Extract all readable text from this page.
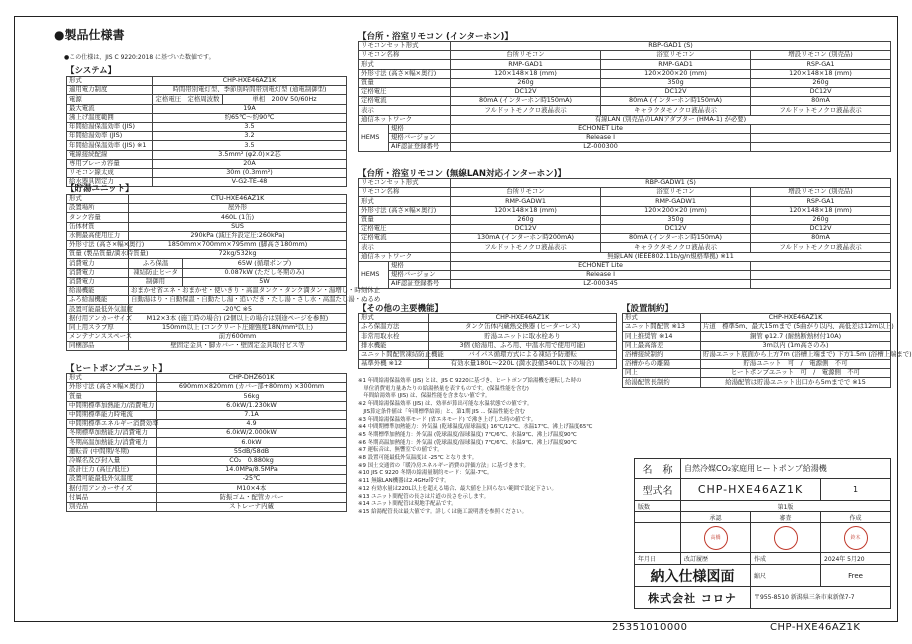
●製品仕様書
●この仕様は、JIS C 9220:2018 に基づいた数値です。
【システム】
形式	CHP-HXE46AZ1K	
適用電力制度	時間帯別電灯型、季節別時間帯別電灯型 (通電制御型)	
電源	定格電圧　定格周波数	単相　200V 50/60Hz
最大電流	19A	
沸上げ温度範囲	約65℃～約90℃	
年間給湯保温効率 (JIS)	3.5	
年間給湯効率 (JIS)	3.2	
年間給湯保温効率 (JIS) ※1	3.5	
電線接続配線	3.5mm² (φ2.0)×2芯	
専用ブレーカ容量	20A	
リモコン線太成	30m (0.3mm²)	
給水器具固定力	V-G2-TE-48	
【貯湯ユニット】
形式	CTU-HXE46AZ1K	
設置場所	屋外形	
タンク容量	460L (1缶)	
缶体材質	SUS	
水側最高使用圧力	290kPa (減圧弁設定圧:260kPa)	
外形寸法 (高さ×幅×奥行)	1850mm×700mm×795mm (脚高さ180mm)	
質量 (製品質量/満水時質量)	72kg/532kg	
消費電力	ふろ保温	65W (循環ポンプ)
消費電力	凍結防止ヒータ	0.087kW (ただし冬期のみ)
消費電力	制御用	5W
給湯機能	おまかせ省エネ・おまかせ・使いきり・高温タンク・タンク満タン・湯増し・時刻休止	
ふろ給湯機能	自動湯はり・自動保温・自動たし湯・追いだき・たし湯・さし水・高温たし湯・ぬるめ	
設置可能最低外気温度	-20℃ ※5	
据付用アンカーサイズ	M12×3本 (施工時の場合) (2個以上の場合は別途ページを参照)	
同上用スラブ厚	150mm以上 (コンクリート圧縮強度18N/mm²以上)	
メンテナンススペース	前方600mm	
同梱部品	壁固定金具・脚カバー・壁固定金具取付ビス等	
【ヒートポンプユニット】
形式	CHP-DHZ601K
外形寸法 (高さ×幅×奥行)	690mm×820mm (カバー部+80mm) ×300mm
質量	56kg
中間期標準加熱能力/消費電力	6.0kW/1.230kW
中間期標準能力時電流	7.1A
中間期標準エネルギー消費効率	4.9
冬期標準加熱能力/消費電力	6.0kW/2.000kW
冬期高温加熱能力/消費電力	6.0kW
運転音 (中間期/冬期)	55dB/58dB
冷媒名及び封入量	CO₂　0.880kg
設計圧力 (高圧/低圧)	14.0MPa/8.5MPa
設置可能最低外気温度	-25℃
据付用アンカーサイズ	M10×4本
付属品	防振ゴム・配管カバー
別売品	ストレーナ内蔵
【台所・浴室リモコン (インターホン)】
リモコンセット形式		RBP-GAD1 (S)		
リモコン名称		台所リモコン	浴室リモコン	増設リモコン (別売品)
形式		RMP-GAD1	RMP-GAD1	RSP-GA1
外形寸法 (高さ×幅×奥行)		120×148×18 (mm)	120×200×20 (mm)	120×148×18 (mm)
質量		260g	350g	260g
定格電圧		DC12V	DC12V	DC12V
定格電流		80mA (インターホン時150mA)	80mA (インターホン時150mA)	80mA
表示		フルドットモノクロ液晶表示	キャラクタモノクロ液晶表示	フルドットモノクロ液晶表示
通信ネットワーク		有線LAN (別売品のLANアダプター (HMA-1) が必要)		
HEMS	規格	ECHONET Lite		
	規格バージョン	Release I		
	AIF認証登録番号	LZ-000300		
【台所・浴室リモコン (無線LAN対応インターホン)】
リモコンセット形式		RBP-GADW1 (S)		
リモコン名称		台所リモコン	浴室リモコン	増設リモコン (別売品)
形式		RMP-GADW1	RMP-GADW1	RSP-GA1
外形寸法 (高さ×幅×奥行)		120×148×18 (mm)	120×200×20 (mm)	120×148×18 (mm)
質量		260g	350g	260g
定格電圧		DC12V	DC12V	DC12V
定格電流		130mA (インターホン時200mA)	80mA (インターホン時150mA)	80mA
表示		フルドットモノクロ液晶表示	キャラクタモノクロ液晶表示	フルドットモノクロ液晶表示
通信ネットワーク		無線LAN (IEEE802.11b/g/n規格準拠) ※11		
HEMS	規格	ECHONET Lite		
	規格バージョン	Release I		
	AIF認証登録番号	LZ-000345		
【その他の主要機能】
形式	CHP-HXE46AZ1K
ふろ保温方法	タンク缶体内蔵熱交換器 (ヒーターレス)
非常用取水栓	貯湯ユニットに取水栓あり
排水機能	3個 (給湯用、ふろ用、中温水用で使用可能)
ユニット間配管凍結防止機能	バイパス循環方式による凍結予防運転
基準外機 ※12	有効水量180L～220L (満水設備340L以下の場合)
【設置制約】
形式	CHP-HXE46AZ1K
ユニット間配管 ※13	片道　標準5m、最大15mまで (5曲がり以内、高低差は12m以上)
同上推奨管 ※14	銅管 φ12.7 (耐熱断熱材付10A)
同上最高落差	3m以内 (1m高さのみ)
浴槽接続制約	貯湯ユニット底面から上方7m (浴槽上端まで) 下方1.5m (浴槽上端まで)
浴槽からの離隔	貯湯ユニット　可　/　電源側　不可
同上	ヒートポンプユニット　可　/　電源側　不可
給湯配管長制約	給湯配管は貯湯ユニット出口から5mまでで ※15
※1 年間給湯保温効率 (JIS) とは、JIS C 9220に基づき、ヒートポンプ給湯機を運転した時の
　単位消費電力量あたりの給湯熱量を表すものです。(保温性能を含む)
　年間給湯効率 (JIS) は、保温性能を含まない値です。
※2 年間給湯保温効率 (JIS) は、効率が算出可能な水温状態での値です。
　JIS算定条件値は「年間標準給湯」と、第1期 JIS ... 保温性能を含む
※3 年間給湯保温効率モード (省エネモード) で沸き上げした時の値です。
※4 中間期標準加熱能力：外気温 (乾球温度/湿球温度) 16℃/12℃、水温17℃、沸上げ温度65℃
※5 冬期標準加熱能力：外気温 (乾球温度/湿球温度) 7℃/6℃、水温9℃、沸上げ温度90℃
※6 冬期高温加熱能力：外気温 (乾球温度/湿球温度) 7℃/6℃、水温9℃、沸上げ温度90℃
※7 運転音は、無響室での値です。
※8 設置可能最低外気温度は -25℃ となります。
※9 国土交通省の「暖冷房エネルギー消費の評価方法」に基づきます。
※10 JIS C 9220 冬期の給湯量制約モード：気温-7℃。
※11 無線LAN機器は2.4GHz帯です。
※12 有効水量は220L以上を超える場合、最大値を上回らない範囲で設定下さい。
※13 ユニット間配管の長さは片道の長さを示します。
※14 ユニット間配管は現地手配品です。
※15 給湯配管長は最大値です。詳しくは施工説明書を参照ください。
名　称	自然冷媒CO₂家庭用ヒートポンプ給湯機		
型式名	CHP-HXE46AZ1K		1
版数	第1版		
	承認	審査	作成

高橋		鈴木

年月日	改訂履歴	作成	2024年 5月20
納入仕様図面		縮尺	Free
株式会社 コロナ		〒955-8510 新潟県三条市東新保7-7	
25351010000	CHP-HXE46AZ1K
